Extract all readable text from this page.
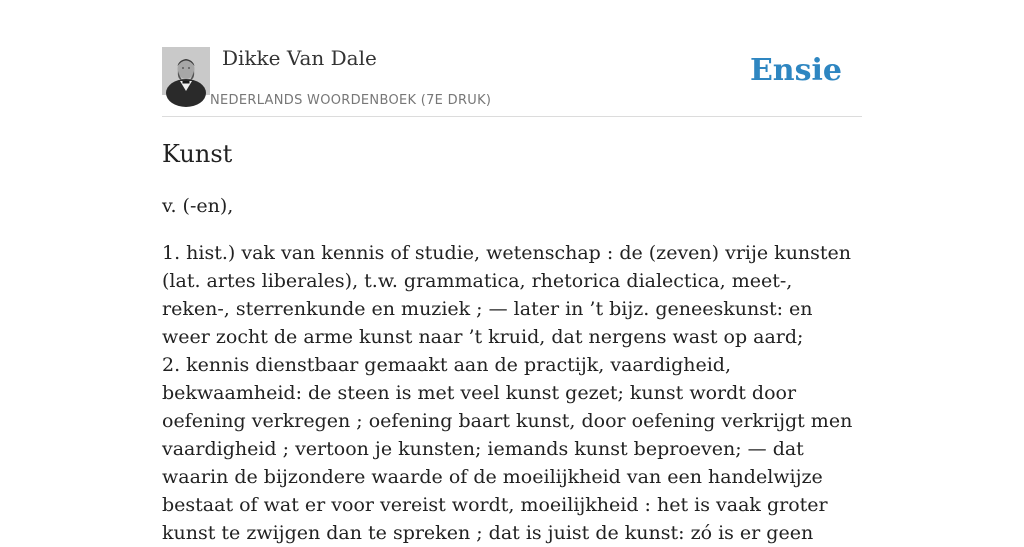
Dikke Van Dale
NEDERLANDS WOORDENBOEK (7E DRUK)
Ensie
Kunst

v. (-en),

1. hist.) vak van kennis of studie, wetenschap : de (zeven) vrije kunsten (lat. artes liberales), t.w. grammatica, rhetorica dialectica, meet-, reken-, sterrenkunde en muziek ; — later in ’t bijz. geneeskunst: en weer zocht de arme kunst naar ’t kruid, dat nergens wast op aard;
2. kennis dienstbaar gemaakt aan de practijk, vaardigheid, bekwaamheid: de steen is met veel kunst gezet; kunst wordt door oefening verkregen ; oefening baart kunst, door oefening verkrijgt men vaardigheid ; vertoon je kunsten; iemands kunst beproeven; — dat waarin de bijzondere waarde of de moeilijkheid van een handelwijze bestaat of wat er voor vereist wordt, moeilijkheid : het is vaak groter kunst te zwijgen dan te spreken ; dat is juist de kunst: zó is er geen
